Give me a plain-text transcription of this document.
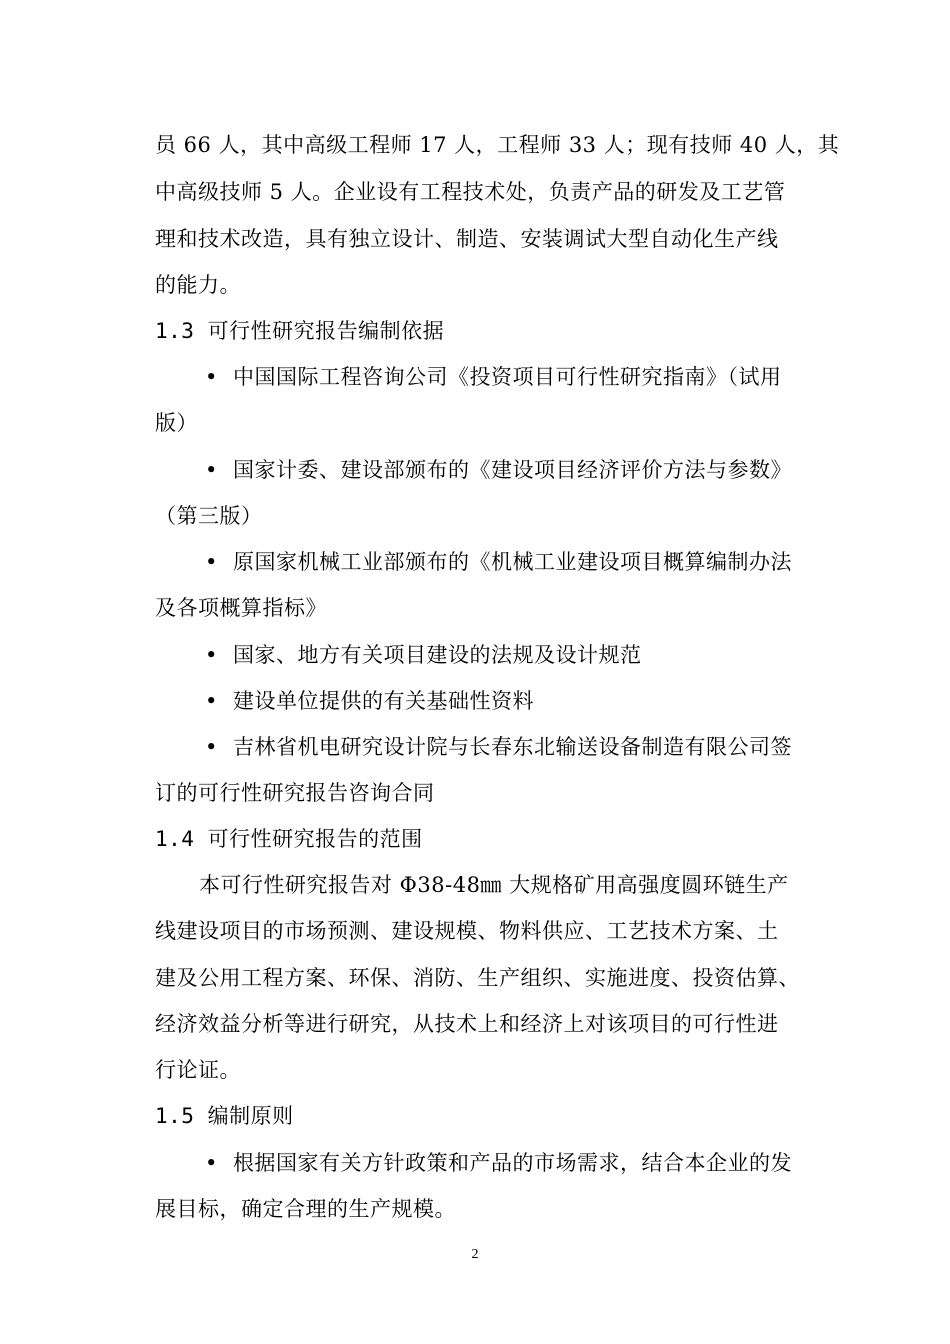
员 66 人，其中高级工程师 17 人，工程师 33 人；现有技师 40 人，其
中高级技师 5 人。企业设有工程技术处，负责产品的研发及工艺管
理和技术改造，具有独立设计、制造、安装调试大型自动化生产线
的能力。
1.3 可行性研究报告编制依据
• 中国国际工程咨询公司《投资项目可行性研究指南》（试用
版）
• 国家计委、建设部颁布的《建设项目经济评价方法与参数》
（第三版）
• 原国家机械工业部颁布的《机械工业建设项目概算编制办法
及各项概算指标》
• 国家、地方有关项目建设的法规及设计规范
• 建设单位提供的有关基础性资料
• 吉林省机电研究设计院与长春东北输送设备制造有限公司签
订的可行性研究报告咨询合同
1.4 可行性研究报告的范围
本可行性研究报告对 Φ38-48㎜ 大规格矿用高强度圆环链生产
线建设项目的市场预测、建设规模、物料供应、工艺技术方案、土
建及公用工程方案、环保、消防、生产组织、实施进度、投资估算、
经济效益分析等进行研究，从技术上和经济上对该项目的可行性进
行论证。
1.5 编制原则
• 根据国家有关方针政策和产品的市场需求，结合本企业的发
展目标，确定合理的生产规模。
2
